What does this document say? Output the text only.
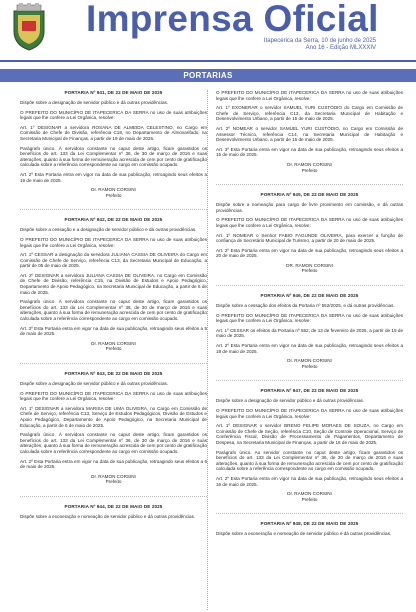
Imprensa Oficial
Itapecerica da Serra, 10 de junho de 2025
Ano 16 - Edição MLXXXIV
PORTARIAS
PORTARIA Nº 941, DE 22 DE MAIO DE 2025

Dispõe sobre a designação de servidor público e dá outras providências.

O PREFEITO DO MUNICÍPIO DE ITAPECERICA DA SERRA no uso de suas atribuições legais que lhe confere a Lei Orgânica, resolve:

Art. 1º DESIGNAR a servidora ROSANA DE ALMEIDA CELESTINO, no Cargo em Comissão de Chefe de Divisão, referência C18, no Departamento de Almoxarifado, na Secretaria Municipal de Finanças, a partir de 19 de maio de 2025.

Parágrafo único. À servidora constante no caput deste artigo, ficam garantidos os benefícios do art. 133 da Lei Complementar nº 36, de 30 de março de 2016 e suas alterações, quanto à sua forma de remuneração acrescida de cem por cento de gratificação calculada sobre a referência correspondente ao cargo em comissão ocupado.

Art. 2º Esta Portaria entra em vigor na data de sua publicação, retroagindo seus efeitos a 19 de maio de 2025.

Dr. RAMON CORSINI

Prefeito

PORTARIA Nº 942, DE 22 DE MAIO DE 2025

Dispõe sobre a cessação e a designação de servidor público e dá outras providências.

O PREFEITO DO MUNICÍPIO DE ITAPECERICA DA SERRA no uso de suas atribuições legais que lhe confere a Lei Orgânica, resolve:

Art. 1º CESSAR a designação da servidora JULIANA CASSIA DE OLIVEIRA do Cargo em Comissão de Chefe de Serviço, referência C13, da Secretaria Municipal de Educação, a partir de 05 de maio de 2025.

Art. 2º DESIGNAR a servidora JULIANA CASSIA DE OLIVEIRA, no Cargo em Comissão de Chefe de Divisão, referência C15, na Divisão de Estudos e Apoio Pedagógico, Departamento de Apoio Pedagógico, na Secretaria Municipal de Educação, a partir de 6 de maio de 2025.

Parágrafo único. À servidora constante no caput deste artigo, ficam garantidos os benefícios do art. 133 da Lei Complementar nº 36, de 30 de março de 2016 e suas alterações, quanto à sua forma de remuneração acrescida de cem por cento de gratificação calculada sobre a referência correspondente ao cargo em comissão ocupado.

Art. 3º Esta Portaria entra em vigor na data de sua publicação, retroagindo seus efeitos a 5 de maio de 2025.

Dr. RAMON CORSINI

Prefeito

PORTARIA Nº 943, DE 22 DE MAIO DE 2025

Dispõe sobre a designação de servidor público e dá outras providências.

O PREFEITO DO MUNICÍPIO DE ITAPECERICA DA SERRA no uso de suas atribuições legais que lhe confere a Lei Orgânica, resolve:

Art. 1º DESIGNAR a servidora MARISA DE LIMA OLIVEIRA, no Cargo em Comissão de Chefe de Serviço, referência C13, Serviço de Estudos Pedagógicos, Divisão de Estudos e Apoio Pedagógico, Departamento de Apoio Pedagógico, na Secretaria Municipal de Educação, a partir de 6 de maio de 2025.

Parágrafo único. À servidora constante no caput deste artigo, ficam garantidos os benefícios do art. 133 da Lei Complementar nº 36, de 30 de março de 2016 e suas alterações, quanto à sua forma de remuneração acrescida de cem por cento de gratificação calculada sobre a referência correspondente ao cargo em comissão ocupado.

Art. 2º Esta Portaria entra em vigor na data de sua publicação, retroagindo seus efeitos a 6 de maio de 2025.

Dr. RAMON CORSINI

Prefeito

PORTARIA Nº 944, DE 22 DE MAIO DE 2025

Dispõe sobre a exoneração e nomeação de servidor público e dá outras providências.

O PREFEITO DO MUNICÍPIO DE ITAPECERICA DA SERRA no uso de suas atribuições legais que lhe confere a Lei Orgânica, resolve:

Art. 1º EXONERAR o servidor SAMUEL YURI CUSTÓDIO do Cargo em Comissão de Chefe de Serviço, referência C13, da Secretaria Municipal de Habitação e Desenvolvimento Urbano, a partir de 15 de maio de 2025.

Art. 2º NOMEAR o servidor SAMUEL YURI CUSTÓDIO, no Cargo em Comissão de Assessor Técnico, referência C14, na Secretaria Municipal de Habitação e Desenvolvimento Urbano, a partir de 15 de maio de 2025.

Art. 3º Esta Portaria entra em vigor na data de sua publicação, retroagindo seus efeitos a 15 de maio de 2025.

Dr. RAMON CORSINI

Prefeito

PORTARIA Nº 945, DE 22 DE MAIO DE 2025

Dispõe sobre a nomeação para cargo de livre provimento em comissão, e dá outras providências.

O PREFEITO DO MUNICÍPIO DE ITAPECERICA DA SERRA no uso de suas atribuições legais que lhe confere a Lei Orgânica, resolve:

Art. 1º NOMEAR o Senhor FABIO FAGUNDE OLIVEIRA, para exercer a função de confiança de Secretário Municipal de Turismo, a partir de 20 de maio de 2025.

Art. 2º Esta Portaria entra em vigor na data de sua publicação, retroagindo seus efeitos a 20 de maio de 2025.

DR. RAMON CORSINI

Prefeito

PORTARIA Nº 946, DE 22 DE MAIO DE 2025

Dispõe sobre a cessação dos efeitos da Portaria nº 552/2025, e dá outras providências.

O PREFEITO DO MUNICÍPIO DE ITAPECERICA DA SERRA no uso de suas atribuições legais que lhe confere a Lei Orgânica, resolve:

Art. 1º CESSAR os efeitos da Portaria nº 552, de 13 de fevereiro de 2025, a partir de 19 de maio de 2025.

Art. 2º Esta Portaria entra em vigor na data de sua publicação, retroagindo seus efeitos a 19 de maio de 2025.

Dr. RAMON CORSINI

Prefeito

PORTARIA Nº 947, DE 22 DE MAIO DE 2025

Dispõe sobre a designação de servidor público e dá outras providências.

O PREFEITO DO MUNICÍPIO DE ITAPECERICA DA SERRA no uso de suas atribuições legais que lhe confere a Lei Orgânica, resolve:

Art. 1º DESIGNAR o servidor BRENO FELIPE MORAES DE SOUZA, no Cargo em Comissão de Chefe de Seção, referência C10, Seção de Controle Operacional, Serviço de Conferência Fiscal, Divisão de Processamento de Pagamentos, Departamento de Despesa, na Secretaria Municipal de Finanças, a partir de 16 de maio de 2025.

Parágrafo único. Ao servidor constante no caput deste artigo, ficam garantidos os benefícios do art. 133 da Lei Complementar nº 36, de 30 de março de 2016 e suas alterações, quanto à sua forma de remuneração acrescida de cem por cento de gratificação calculada sobre a referência correspondente ao cargo em comissão ocupado.

Art. 2º Esta Portaria entra em vigor na data de sua publicação, retroagindo seus efeitos a 16 de maio de 2025.

Dr. RAMON CORSINI

Prefeito

PORTARIA Nº 948, DE 22 DE MAIO DE 2025

Dispõe sobre a exoneração e nomeação de servidor público e dá outras providências.
